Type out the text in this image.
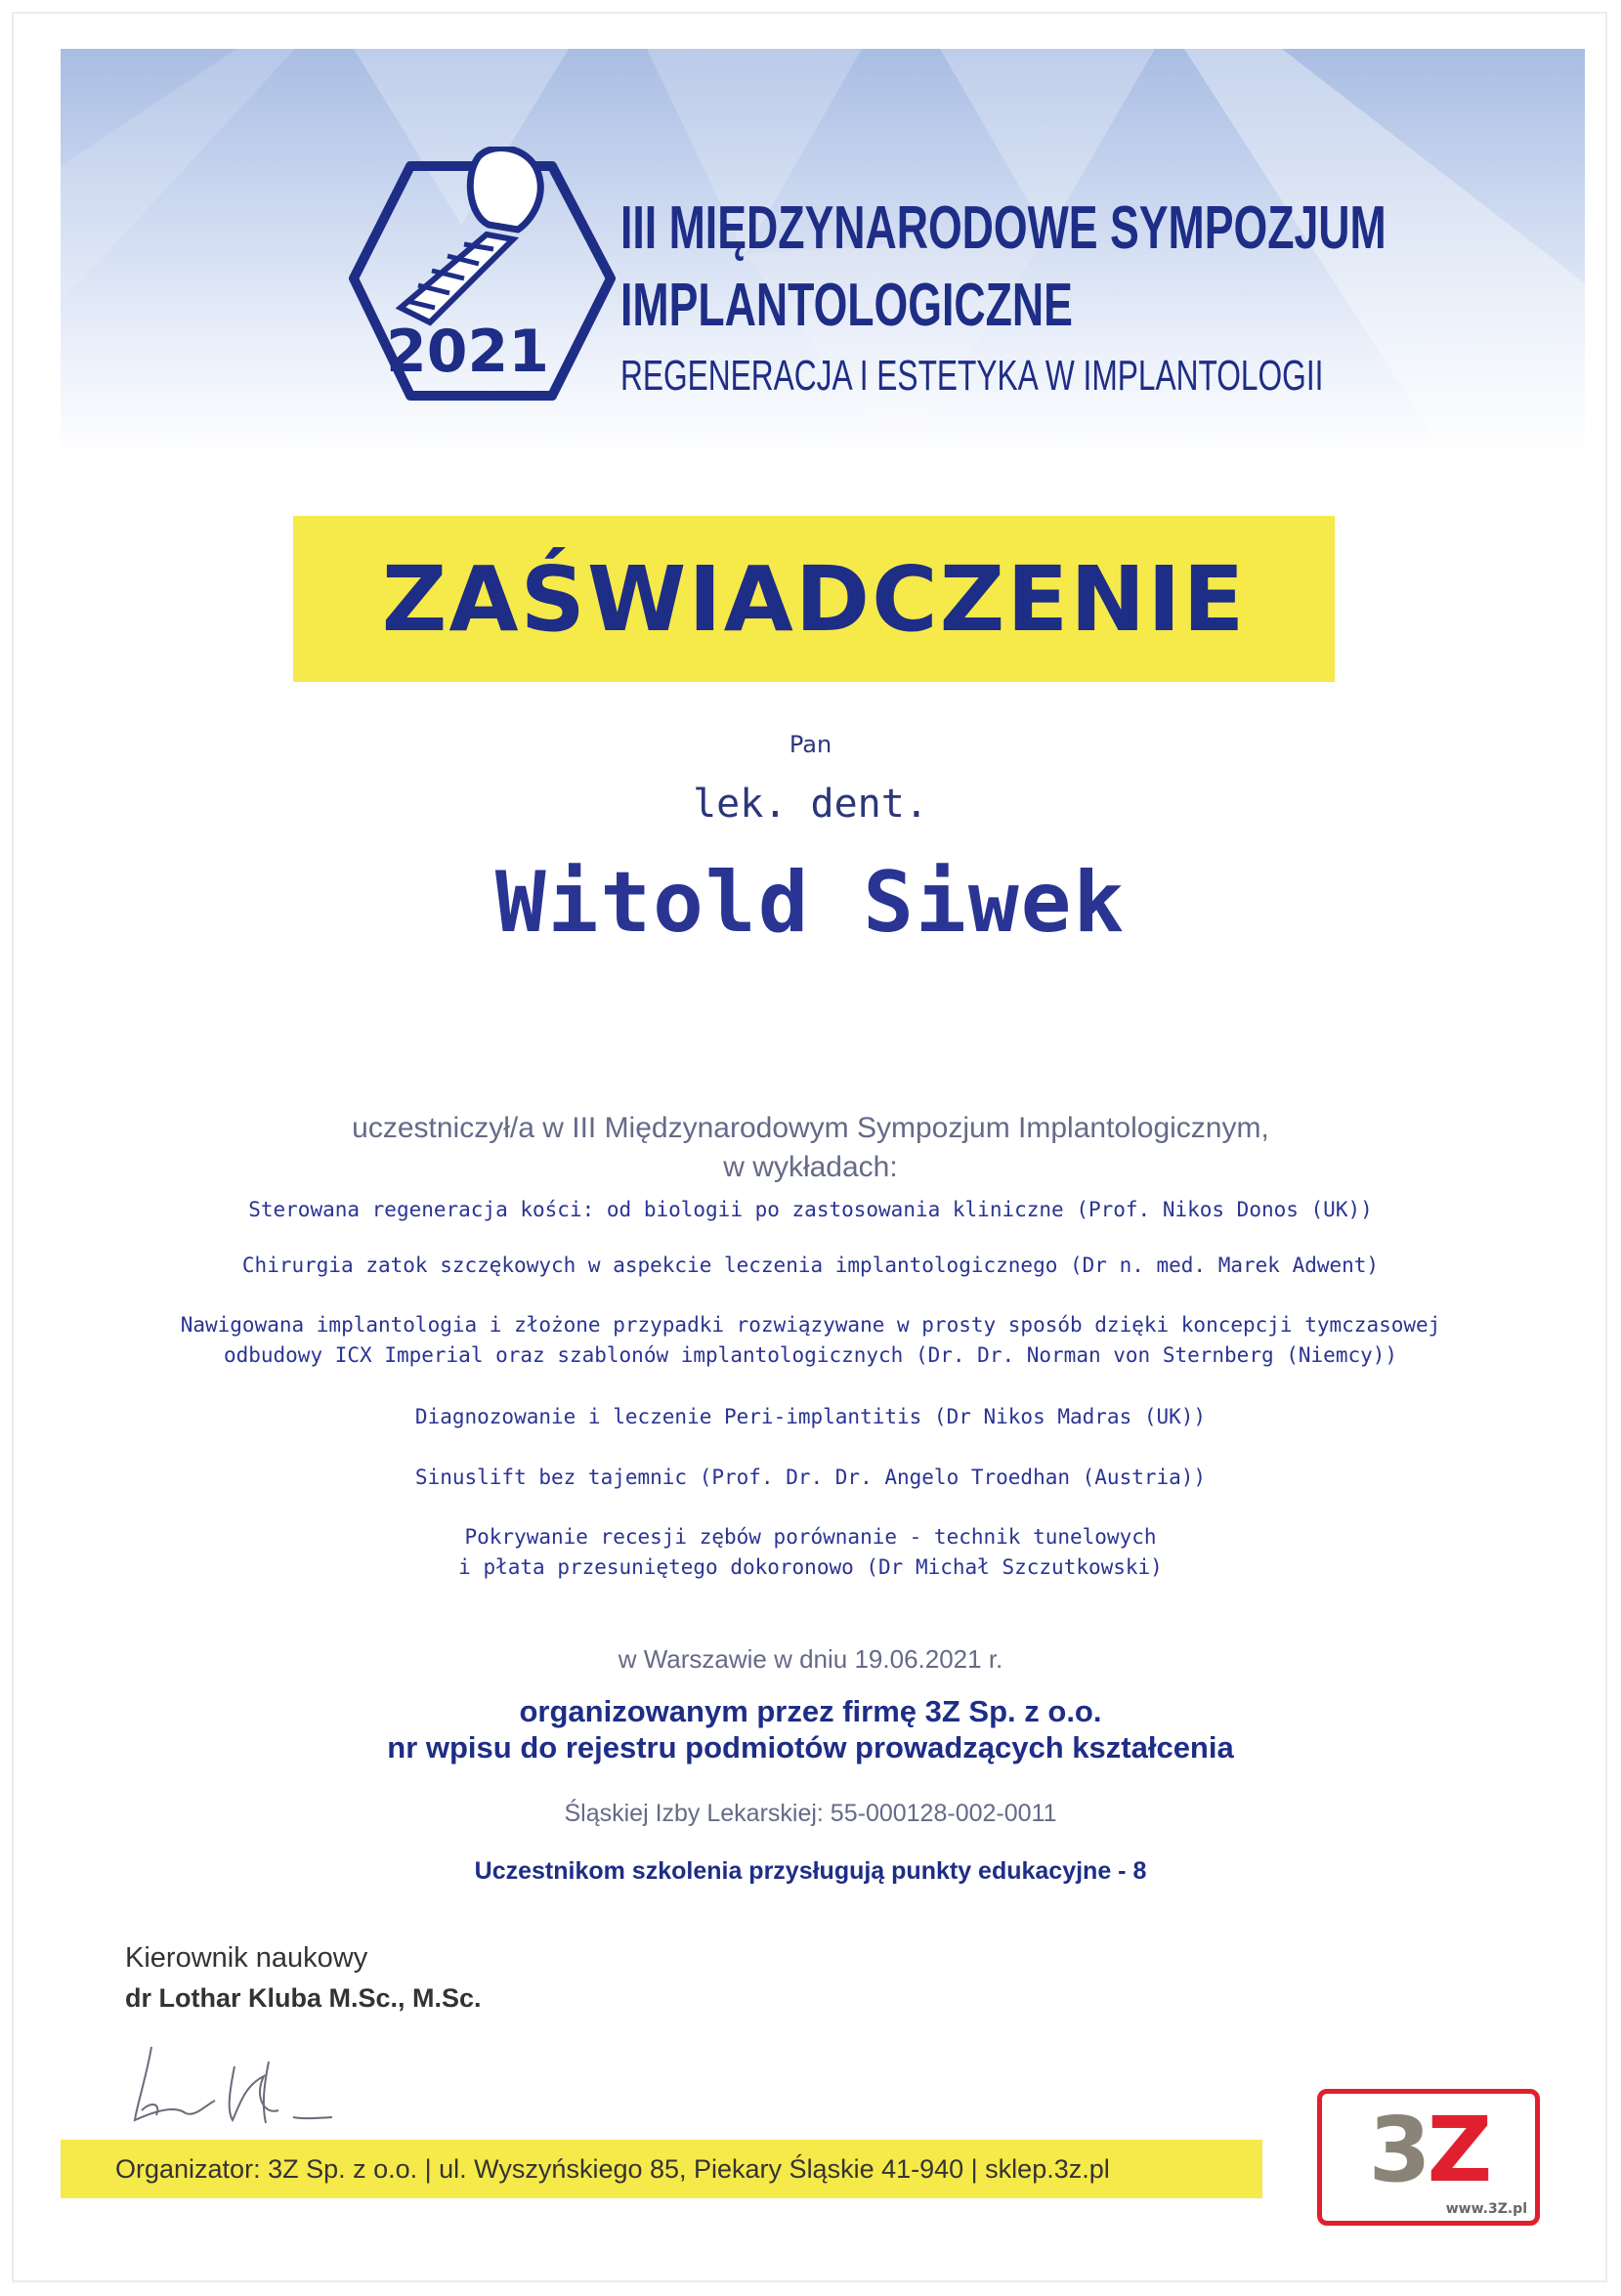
2021
III MIĘDZYNARODOWE SYMPOZJUM
IMPLANTOLOGICZNE
REGENERACJA I ESTETYKA W IMPLANTOLOGII
ZAŚWIADCZENIE
Pan
lek. dent.
Witold Siwek
uczestniczył/a w III Międzynarodowym Sympozjum Implantologicznym,
w wykładach:
Sterowana regeneracja kości: od biologii po zastosowania kliniczne (Prof. Nikos Donos (UK))
Chirurgia zatok szczękowych w aspekcie leczenia implantologicznego (Dr n. med. Marek Adwent)
Nawigowana implantologia i złożone przypadki rozwiązywane w prosty sposób dzięki koncepcji tymczasowej
odbudowy ICX Imperial oraz szablonów implantologicznych (Dr. Dr. Norman von Sternberg (Niemcy))
Diagnozowanie i leczenie Peri-implantitis (Dr Nikos Madras (UK))
Sinuslift bez tajemnic (Prof. Dr. Dr. Angelo Troedhan (Austria))
Pokrywanie recesji zębów porównanie - technik tunelowych
i płata przesuniętego dokoronowo (Dr Michał Szczutkowski)
w Warszawie w dniu 19.06.2021 r.
organizowanym przez firmę 3Z Sp. z o.o.
nr wpisu do rejestru podmiotów prowadzących kształcenia
Śląskiej Izby Lekarskiej: 55-000128-002-0011
Uczestnikom szkolenia przysługują punkty edukacyjne - 8
Kierownik naukowy
dr Lothar Kluba M.Sc., M.Sc.
Organizator: 3Z Sp. z o.o. | ul. Wyszyńskiego 85, Piekary Śląskie 41-940 | sklep.3z.pl	3Z
www.3Z.pl
